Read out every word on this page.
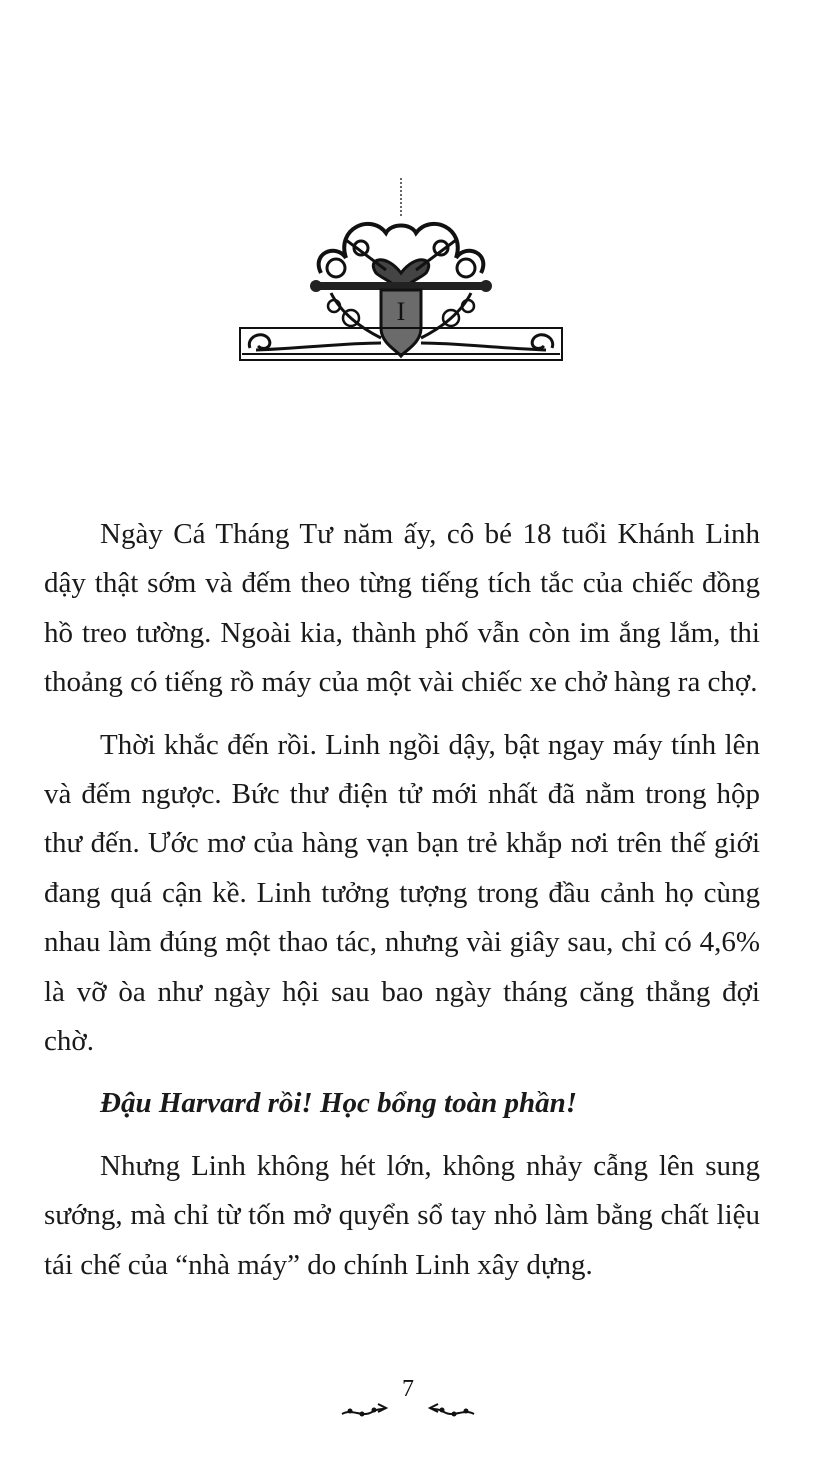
I

Ngày Cá Tháng Tư năm ấy, cô bé 18 tuổi Khánh Linh dậy thật sớm và đếm theo từng tiếng tích tắc của chiếc đồng hồ treo tường. Ngoài kia, thành phố vẫn còn im ắng lắm, thi thoảng có tiếng rồ máy của một vài chiếc xe chở hàng ra chợ.

Thời khắc đến rồi. Linh ngồi dậy, bật ngay máy tính lên và đếm ngược. Bức thư điện tử mới nhất đã nằm trong hộp thư đến. Ước mơ của hàng vạn bạn trẻ khắp nơi trên thế giới đang quá cận kề. Linh tưởng tượng trong đầu cảnh họ cùng nhau làm đúng một thao tác, nhưng vài giây sau, chỉ có 4,6% là vỡ òa như ngày hội sau bao ngày tháng căng thẳng đợi chờ.

Đậu Harvard rồi! Học bổng toàn phần!

Nhưng Linh không hét lớn, không nhảy cẫng lên sung sướng, mà chỉ từ tốn mở quyển sổ tay nhỏ làm bằng chất liệu tái chế của “nhà máy” do chính Linh xây dựng.

7
